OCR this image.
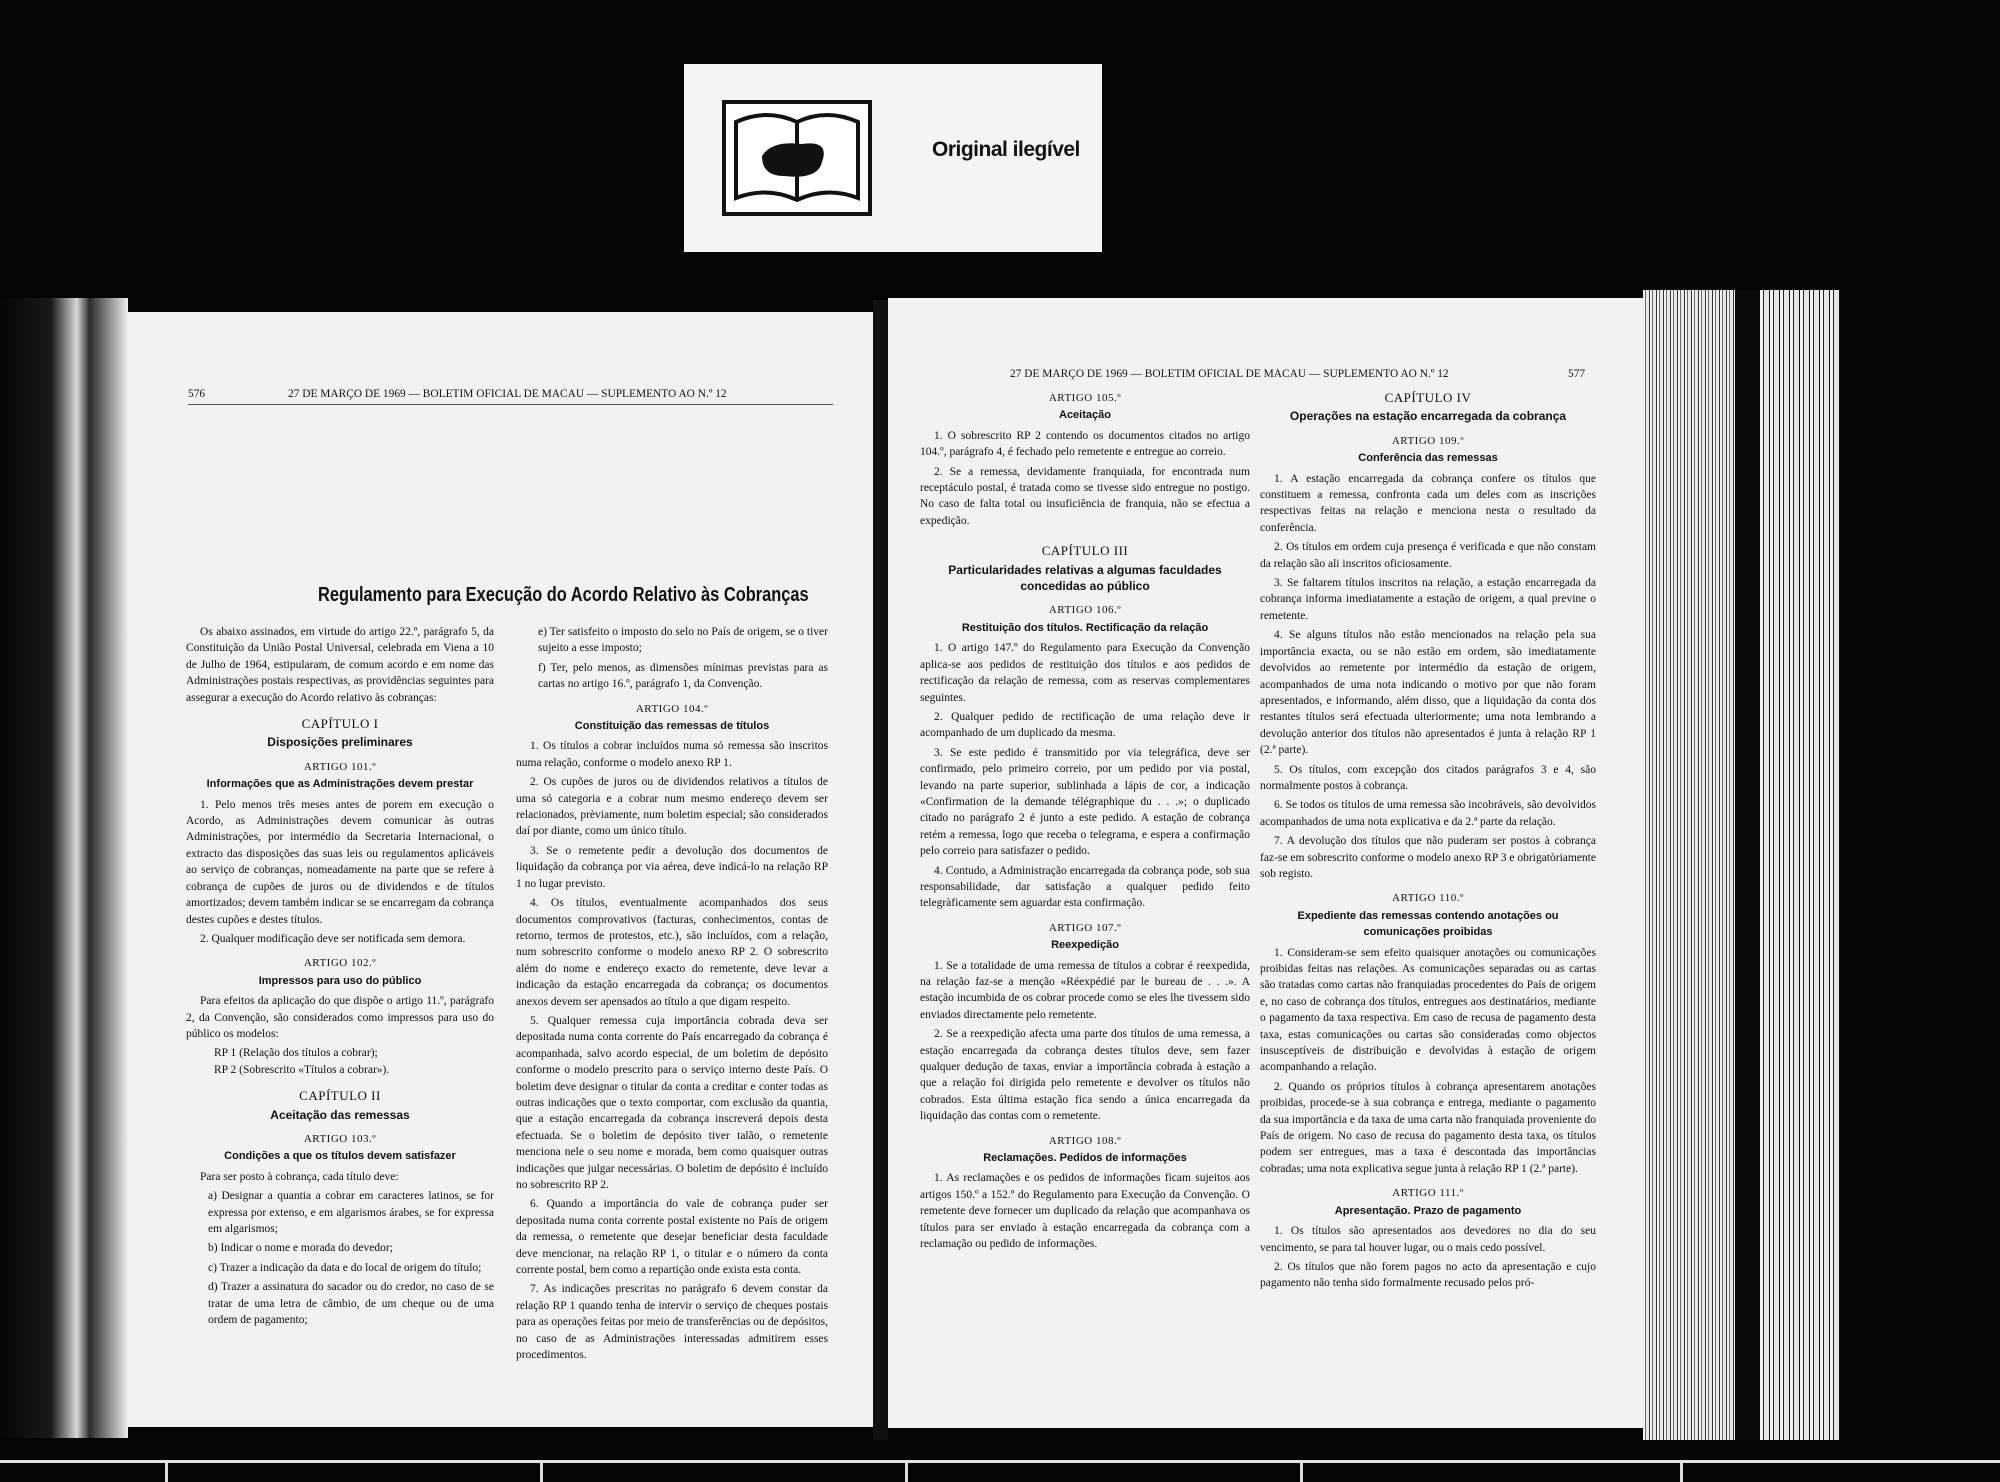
Original ilegível
576	27 DE MARÇO DE 1969 — BOLETIM OFICIAL DE MACAU — SUPLEMENTO AO N.º 12
Regulamento para Execução do Acordo Relativo às Cobranças

Os abaixo assinados, em virtude do artigo 22.º, parágrafo 5, da Constituição da União Postal Universal, celebrada em Viena a 10 de Julho de 1964, estipularam, de comum acordo e em nome das Administrações postais respectivas, as providências seguintes para assegurar a execução do Acordo relativo às cobranças:

CAPÍTULO I
Disposições preliminares
ARTIGO 101.º
Informações que as Administrações devem prestar

1. Pelo menos três meses antes de porem em execução o Acordo, as Administrações devem comunicar às outras Administrações, por intermédio da Secretaria Internacional, o extracto das disposições das suas leis ou regulamentos aplicáveis ao serviço de cobranças, nomeadamente na parte que se refere à cobrança de cupões de juros ou de dividendos e de títulos amortizados; devem também indicar se se encarregam da cobrança destes cupões e destes títulos.

2. Qualquer modificação deve ser notificada sem demora.

ARTIGO 102.º
Impressos para uso do público

Para efeitos da aplicação do que dispõe o artigo 11.º, parágrafo 2, da Convenção, são considerados como impressos para uso do público os modelos:

RP 1 (Relação dos títulos a cobrar);

RP 2 (Sobrescrito «Títulos a cobrar»).

CAPÍTULO II
Aceitação das remessas
ARTIGO 103.º
Condições a que os títulos devem satisfazer

Para ser posto à cobrança, cada título deve:

a) Designar a quantia a cobrar em caracteres latinos, se for expressa por extenso, e em algarismos árabes, se for expressa em algarismos;

b) Indicar o nome e morada do devedor;

c) Trazer a indicação da data e do local de origem do título;

d) Trazer a assinatura do sacador ou do credor, no caso de se tratar de uma letra de câmbio, de um cheque ou de uma ordem de pagamento;

e) Ter satisfeito o imposto do selo no País de origem, se o tiver sujeito a esse imposto;

f) Ter, pelo menos, as dimensões mínimas previstas para as cartas no artigo 16.º, parágrafo 1, da Convenção.

ARTIGO 104.º
Constituição das remessas de títulos

1. Os títulos a cobrar incluídos numa só remessa são inscritos numa relação, conforme o modelo anexo RP 1.

2. Os cupões de juros ou de dividendos relativos a títulos de uma só categoria e a cobrar num mesmo endereço devem ser relacionados, prèviamente, num boletim especial; são considerados daí por diante, como um único título.

3. Se o remetente pedir a devolução dos documentos de liquidação da cobrança por via aérea, deve indicá-lo na relação RP 1 no lugar previsto.

4. Os títulos, eventualmente acompanhados dos seus documentos comprovativos (facturas, conhecimentos, contas de retorno, termos de protestos, etc.), são incluídos, com a relação, num sobrescrito conforme o modelo anexo RP 2. O sobrescrito além do nome e endereço exacto do remetente, deve levar a indicação da estação encarregada da cobrança; os documentos anexos devem ser apensados ao título a que digam respeito.

5. Qualquer remessa cuja importância cobrada deva ser depositada numa conta corrente do País encarregado da cobrança é acompanhada, salvo acordo especial, de um boletim de depósito conforme o modelo prescrito para o serviço interno deste País. O boletim deve designar o titular da conta a creditar e conter todas as outras indicações que o texto comportar, com exclusão da quantia, que a estação encarregada da cobrança inscreverá depois desta efectuada. Se o boletim de depósito tiver talão, o remetente menciona nele o seu nome e morada, bem como quaisquer outras indicações que julgar necessárias. O boletim de depósito é incluído no sobrescrito RP 2.

6. Quando a importância do vale de cobrança puder ser depositada numa conta corrente postal existente no País de origem da remessa, o remetente que desejar beneficiar desta faculdade deve mencionar, na relação RP 1, o titular e o número da conta corrente postal, bem como a repartição onde exista esta conta.

7. As indicações prescritas no parágrafo 6 devem constar da relação RP 1 quando tenha de intervir o serviço de cheques postais para as operações feitas por meio de transferências ou de depósitos, no caso de as Administrações interessadas admitirem esses procedimentos.

27 DE MARÇO DE 1969 — BOLETIM OFICIAL DE MACAU — SUPLEMENTO AO N.º 12	577
ARTIGO 105.º
Aceitação

1. O sobrescrito RP 2 contendo os documentos citados no artigo 104.º, parágrafo 4, é fechado pelo remetente e entregue ao correio.

2. Se a remessa, devidamente franquiada, for encontrada num receptáculo postal, é tratada como se tivesse sido entregue no postigo. No caso de falta total ou insuficiência de franquia, não se efectua a expedição.

CAPÍTULO III
Particularidades relativas a algumas faculdades concedidas ao público
ARTIGO 106.º
Restituição dos títulos. Rectificação da relação

1. O artigo 147.º do Regulamento para Execução da Convenção aplica-se aos pedidos de restituição dos títulos e aos pedidos de rectificação da relação de remessa, com as reservas complementares seguintes.

2. Qualquer pedido de rectificação de uma relação deve ir acompanhado de um duplicado da mesma.

3. Se este pedido é transmitido por via telegráfica, deve ser confirmado, pelo primeiro correio, por um pedido por via postal, levando na parte superior, sublinhada a lápis de cor, a indicação «Confirmation de la demande télégraphique du . . .»; o duplicado citado no parágrafo 2 é junto a este pedido. A estação de cobrança retém a remessa, logo que receba o telegrama, e espera a confirmação pelo correio para satisfazer o pedido.

4. Contudo, a Administração encarregada da cobrança pode, sob sua responsabilidade, dar satisfação a qualquer pedido feito telegràficamente sem aguardar esta confirmação.

ARTIGO 107.º
Reexpedição

1. Se a totalidade de uma remessa de títulos a cobrar é reexpedida, na relação faz-se a menção «Réexpédié par le bureau de . . .». A estação incumbida de os cobrar procede como se eles lhe tivessem sido enviados directamente pelo remetente.

2. Se a reexpedição afecta uma parte dos títulos de uma remessa, a estação encarregada da cobrança destes títulos deve, sem fazer qualquer dedução de taxas, enviar a importância cobrada à estação a que a relação foi dirigida pelo remetente e devolver os títulos não cobrados. Esta última estação fica sendo a única encarregada da liquidação das contas com o remetente.

ARTIGO 108.º
Reclamações. Pedidos de informações

1. As reclamações e os pedidos de informações ficam sujeitos aos artigos 150.º a 152.º do Regulamento para Execução da Convenção. O remetente deve fornecer um duplicado da relação que acompanhava os títulos para ser enviado à estação encarregada da cobrança com a reclamação ou pedido de informações.

CAPÍTULO IV
Operações na estação encarregada da cobrança
ARTIGO 109.º
Conferência das remessas

1. A estação encarregada da cobrança confere os títulos que constituem a remessa, confronta cada um deles com as inscrições respectivas feitas na relação e menciona nesta o resultado da conferência.

2. Os títulos em ordem cuja presença é verificada e que não constam da relação são ali inscritos oficiosamente.

3. Se faltarem títulos inscritos na relação, a estação encarregada da cobrança informa imediatamente a estação de origem, a qual previne o remetente.

4. Se alguns títulos não estão mencionados na relação pela sua importância exacta, ou se não estão em ordem, são imediatamente devolvidos ao remetente por intermédio da estação de origem, acompanhados de uma nota indicando o motivo por que não foram apresentados, e informando, além disso, que a liquidação da conta dos restantes títulos será efectuada ulteriormente; uma nota lembrando a devolução anterior dos títulos não apresentados é junta à relação RP 1 (2.ª parte).

5. Os títulos, com excepção dos citados parágrafos 3 e 4, são normalmente postos à cobrança.

6. Se todos os títulos de uma remessa são incobráveis, são devolvidos acompanhados de uma nota explicativa e da 2.ª parte da relação.

7. A devolução dos títulos que não puderam ser postos à cobrança faz-se em sobrescrito conforme o modelo anexo RP 3 e obrigatòriamente sob registo.

ARTIGO 110.º
Expediente das remessas contendo anotações ou comunicações proibidas

1. Consideram-se sem efeito quaisquer anotações ou comunicações proibidas feitas nas relações. As comunicações separadas ou as cartas são tratadas como cartas não franquiadas procedentes do País de origem e, no caso de cobrança dos títulos, entregues aos destinatários, mediante o pagamento da taxa respectiva. Em caso de recusa de pagamento desta taxa, estas comunicações ou cartas são consideradas como objectos insusceptíveis de distribuição e devolvidas à estação de origem acompanhando a relação.

2. Quando os próprios títulos à cobrança apresentarem anotações proibidas, procede-se à sua cobrança e entrega, mediante o pagamento da sua importância e da taxa de uma carta não franquiada proveniente do País de origem. No caso de recusa do pagamento desta taxa, os títulos podem ser entregues, mas a taxa é descontada das importâncias cobradas; uma nota explicativa segue junta à relação RP 1 (2.ª parte).

ARTIGO 111.º
Apresentação. Prazo de pagamento

1. Os títulos são apresentados aos devedores no dia do seu vencimento, se para tal houver lugar, ou o mais cedo possível.

2. Os títulos que não forem pagos no acto da apresentação e cujo pagamento não tenha sido formalmente recusado pelos pró-
